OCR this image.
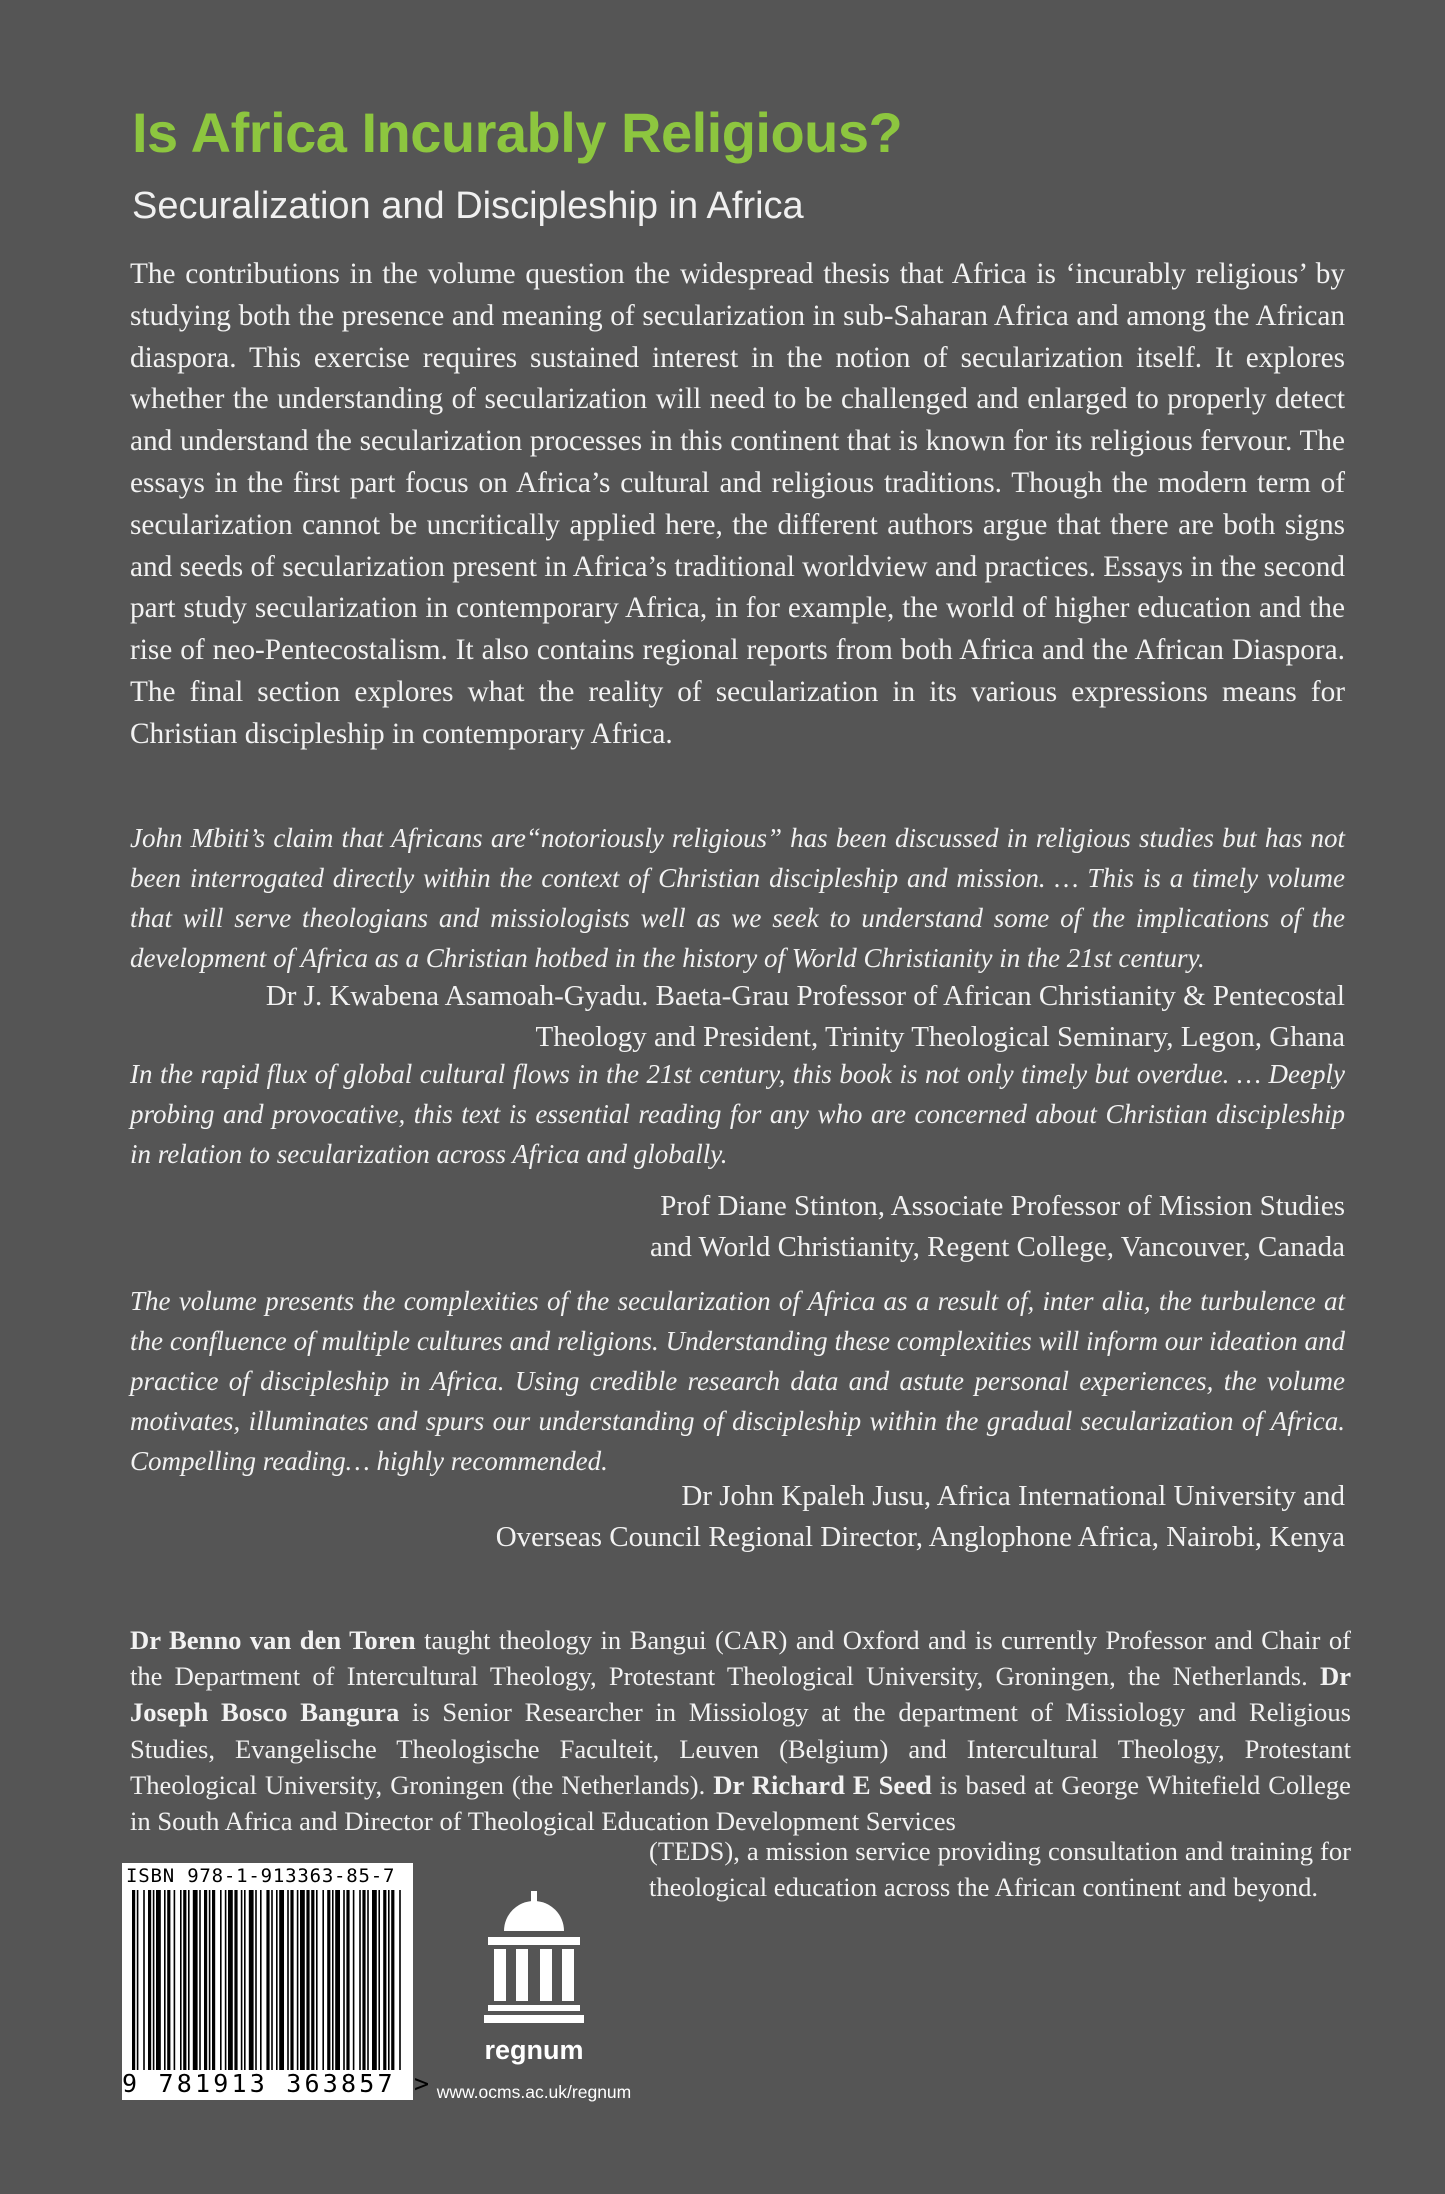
Is Africa Incurably Religious?
Securalization and Discipleship in Africa

The contributions in the volume question the widespread thesis that Africa is ‘incurably religious’ by studying both the presence and meaning of secularization in sub-Saharan Africa and among the African diaspora. This exercise requires sustained interest in the notion of secularization itself. It explores whether the understanding of secularization will need to be challenged and enlarged to properly detect and understand the secularization processes in this continent that is known for its religious fervour. The essays in the first part focus on Africa’s cultural and religious traditions. Though the modern term of secularization cannot be uncritically applied here, the different authors argue that there are both signs and seeds of secularization present in Africa’s traditional worldview and practices. Essays in the second part study secularization in contemporary Africa, in for example, the world of higher education and the rise of neo-Pentecostalism. It also contains regional reports from both Africa and the African Diaspora. The final section explores what the reality of secularization in its various expressions means for Christian discipleship in contemporary Africa.

John Mbiti’s claim that Africans are“notoriously religious” has been discussed in religious studies but has not been interrogated directly within the context of Christian discipleship and mission. … This is a timely volume that will serve theologians and missiologists well as we seek to understand some of the implications of the development of Africa as a Christian hotbed in the history of World Christianity in the 21st century.

Dr J. Kwabena Asamoah-Gyadu. Baeta-Grau Professor of African Christianity & Pentecostal
Theology and President, Trinity Theological Seminary, Legon, Ghana

In the rapid flux of global cultural flows in the 21st century, this book is not only timely but overdue. … Deeply probing and provocative, this text is essential reading for any who are concerned about Christian discipleship in relation to secularization across Africa and globally.

Prof Diane Stinton, Associate Professor of Mission Studies
and World Christianity, Regent College, Vancouver, Canada

The volume presents the complexities of the secularization of Africa as a result of, inter alia, the turbulence at the confluence of multiple cultures and religions. Understanding these complexities will inform our ideation and practice of discipleship in Africa. Using credible research data and astute personal experiences, the volume motivates, illuminates and spurs our understanding of discipleship within the gradual secularization of Africa. Compelling reading… highly recommended.

Dr John Kpaleh Jusu, Africa International University and
Overseas Council Regional Director, Anglophone Africa, Nairobi, Kenya

Dr Benno van den Toren taught theology in Bangui (CAR) and Oxford and is currently Professor and Chair of the Department of Intercultural Theology, Protestant Theological University, Groningen, the Netherlands. Dr Joseph Bosco Bangura is Senior Researcher in Missiology at the department of Missiology and Religious Studies, Evangelische Theologische Faculteit, Leuven (Belgium) and Intercultural Theology, Protestant Theological University, Groningen (the Netherlands). Dr Richard E Seed is based at George Whitefield College in South Africa and Director of Theological Education Development Services

(TEDS), a mission service providing consultation and training for theological education across the African continent and beyond.

ISBN 978-1-913363-85-7
9 781913 363857 >
regnum
www.ocms.ac.uk/regnum
